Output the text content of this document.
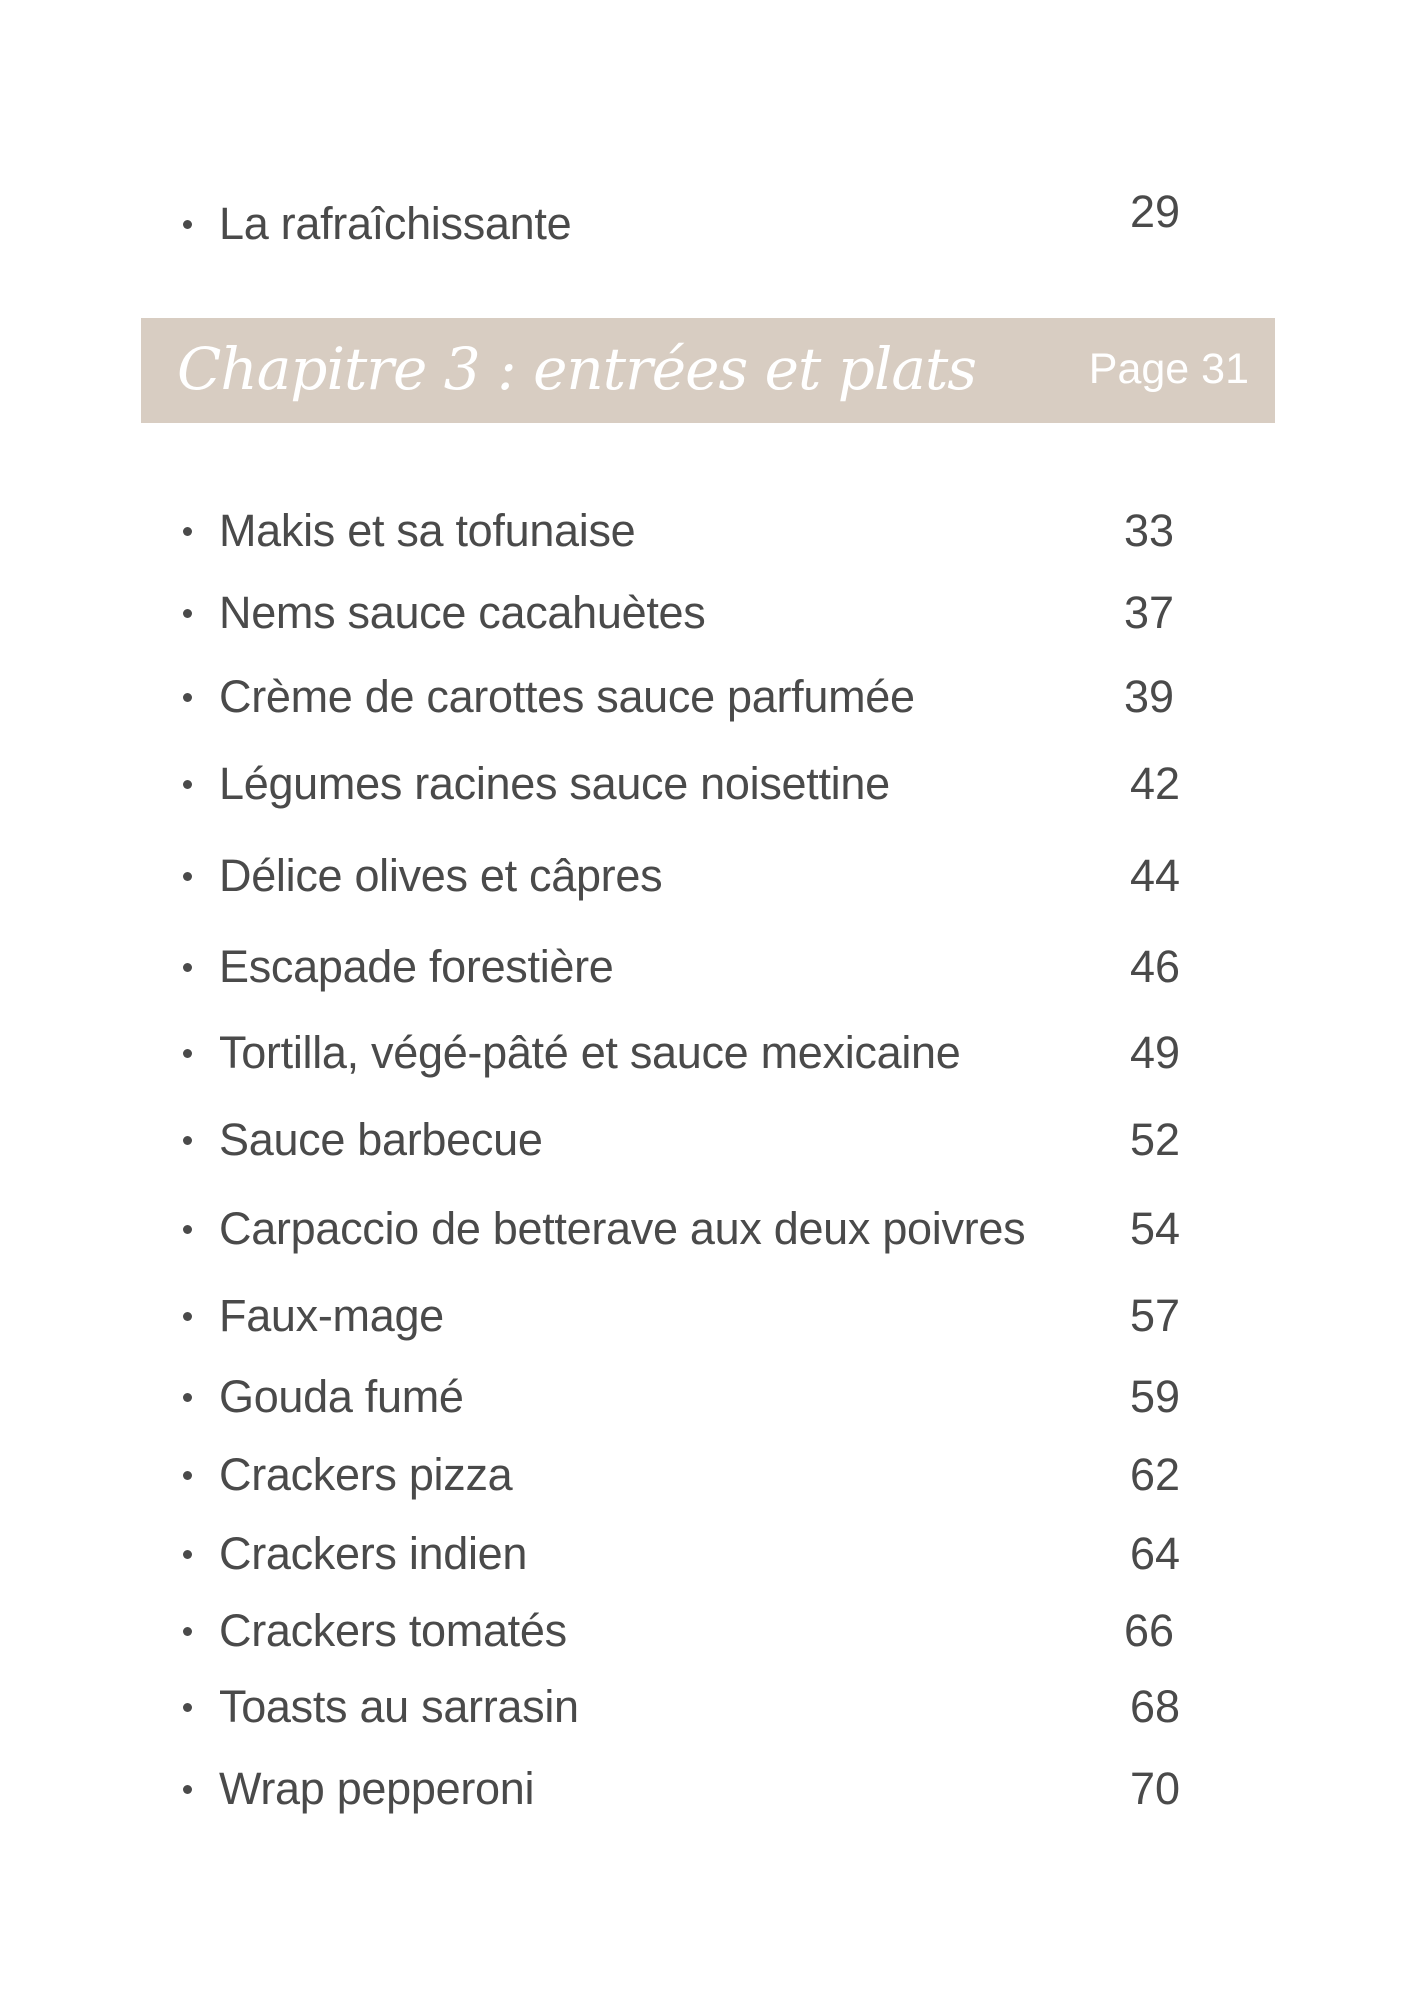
La rafraîchissante	29
Chapitre 3 : entrées et plats	Page 31
Makis et sa tofunaise	33
Nems sauce cacahuètes	37
Crème de carottes sauce parfumée	39
Légumes racines sauce noisettine	42
Délice olives et câpres	44
Escapade forestière	46
Tortilla, végé-pâté et sauce mexicaine	49
Sauce barbecue	52
Carpaccio de betterave aux deux poivres 54
Faux-mage	57
Gouda fumé	59
Crackers pizza	62
Crackers indien	64
Crackers tomatés	66
Toasts au sarrasin	68
Wrap pepperoni	70
